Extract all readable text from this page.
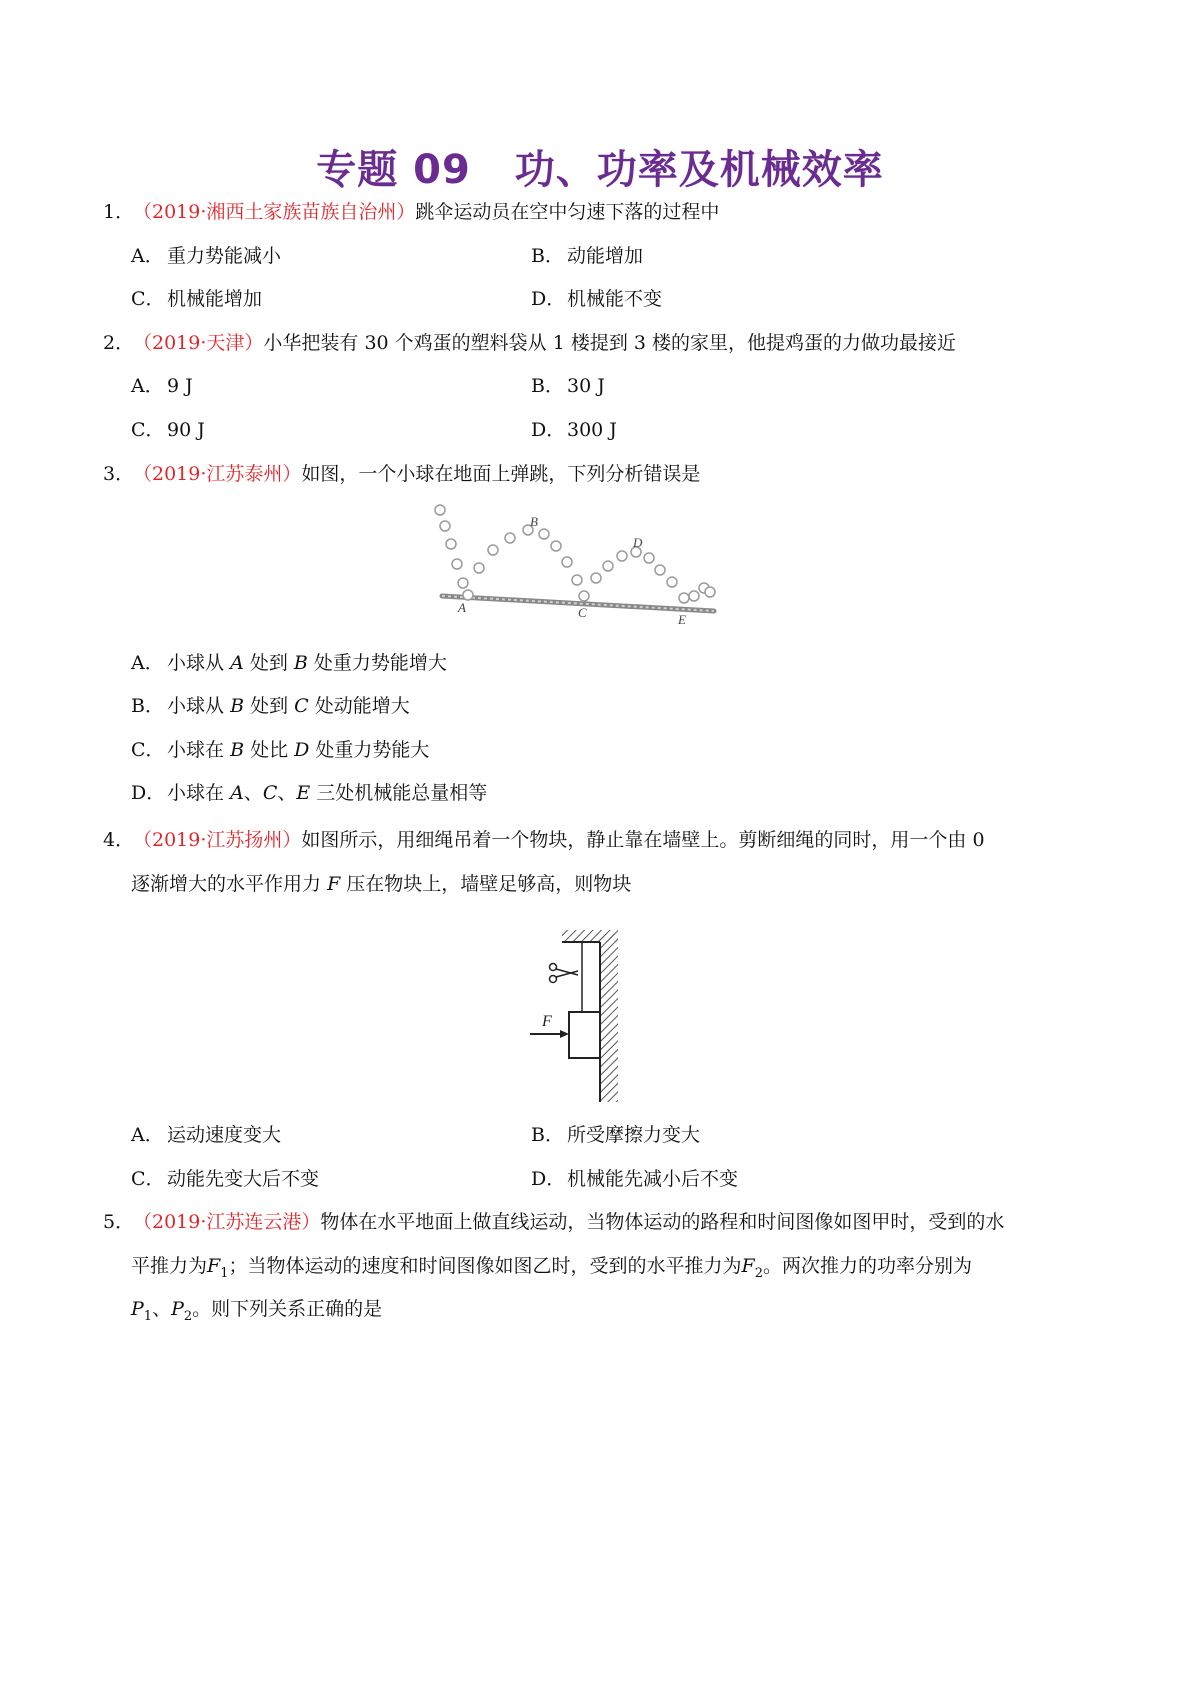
专题 09 功、功率及机械效率
1．
（2019·湘西土家族苗族自治州）跳伞运动员在空中匀速下落的过程中
A． 重力势能减小	B． 动能增加
C． 机械能增加	D．机械能不变
2．
（2019·天津）小华把装有 30 个鸡蛋的塑料袋从 1 楼提到 3 楼的家里，他提鸡蛋的力做功最接近
A． 9 J	B． 30 J
C． 90 J	D．300 J
3．
（2019·江苏泰州）如图，一个小球在地面上弹跳，下列分析错误是
A
B
C
D
E
A． 小球从 A 处到 B 处重力势能增大
B． 小球从 B 处到 C 处动能增大
C． 小球在 B 处比 D 处重力势能大
D．小球在 A、C、E 三处机械能总量相等
4．
（2019·江苏扬州）如图所示，用细绳吊着一个物块，静止靠在墙壁上。剪断细绳的同时，用一个由 0
逐渐增大的水平作用力 F 压在物块上，墙壁足够高，则物块
F
A． 运动速度变大	B． 所受摩擦力变大
C． 动能先变大后不变	D．机械能先减小后不变
5．
（2019·江苏连云港）物体在水平地面上做直线运动，当物体运动的路程和时间图像如图甲时，受到的水
平推力为$F_1$；当物体运动的速度和时间图像如图乙时，受到的水平推力为$F_2$。两次推力的功率分别为
$P_1$、$P_2$。则下列关系正确的是
